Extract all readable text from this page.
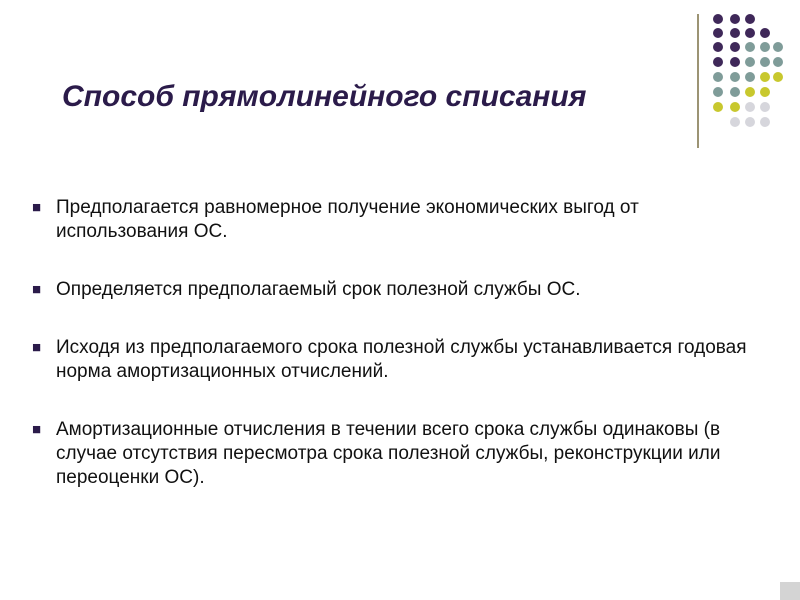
Способ прямолинейного списания
■ Предполагается равномерное получение экономических выгод от использования ОС.
■ Определяется предполагаемый срок полезной службы ОС.
■ Исходя из предполагаемого срока полезной службы устанавливается годовая норма амортизационных отчислений.
■ Амортизационные отчисления в течении всего срока службы одинаковы (в случае отсутствия пересмотра срока полезной службы, реконструкции или переоценки ОС).
